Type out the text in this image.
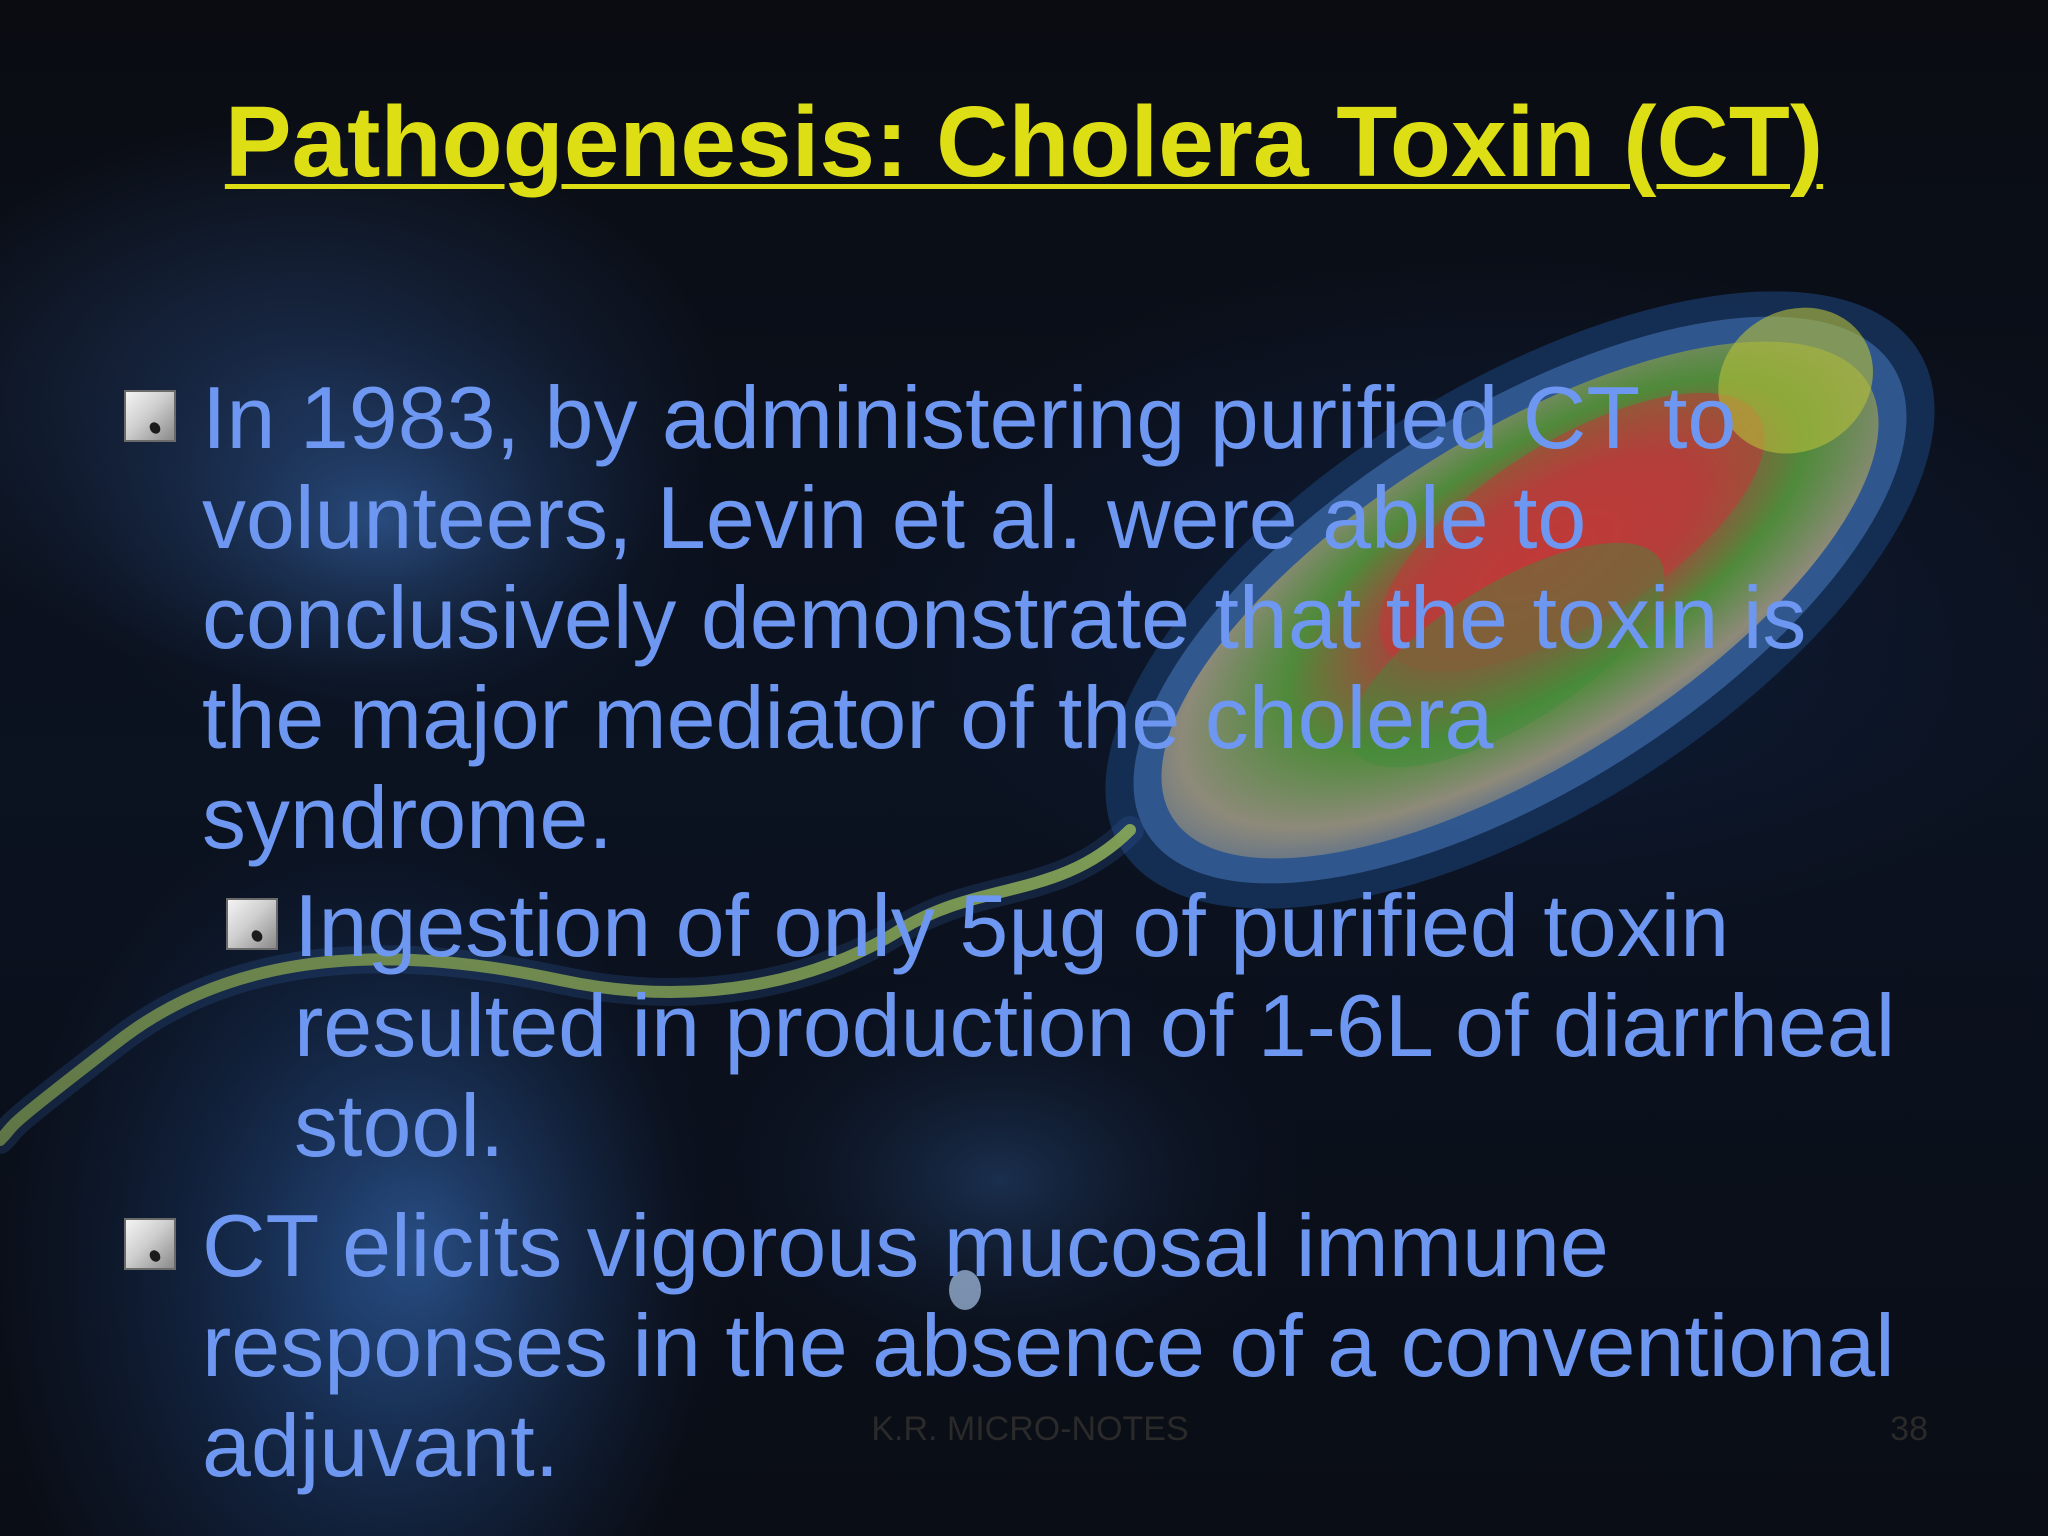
Pathogenesis: Cholera Toxin (CT)
In 1983, by administering purified CT to volunteers, Levin et al. were able to conclusively demonstrate that the toxin is the major mediator of the cholera syndrome.
Ingestion of only 5µg of purified toxin resulted in production of 1-6L of diarrheal stool.
CT elicits vigorous mucosal immune responses in the absence of a conventional adjuvant.	K.R. MICRO-NOTES	38
